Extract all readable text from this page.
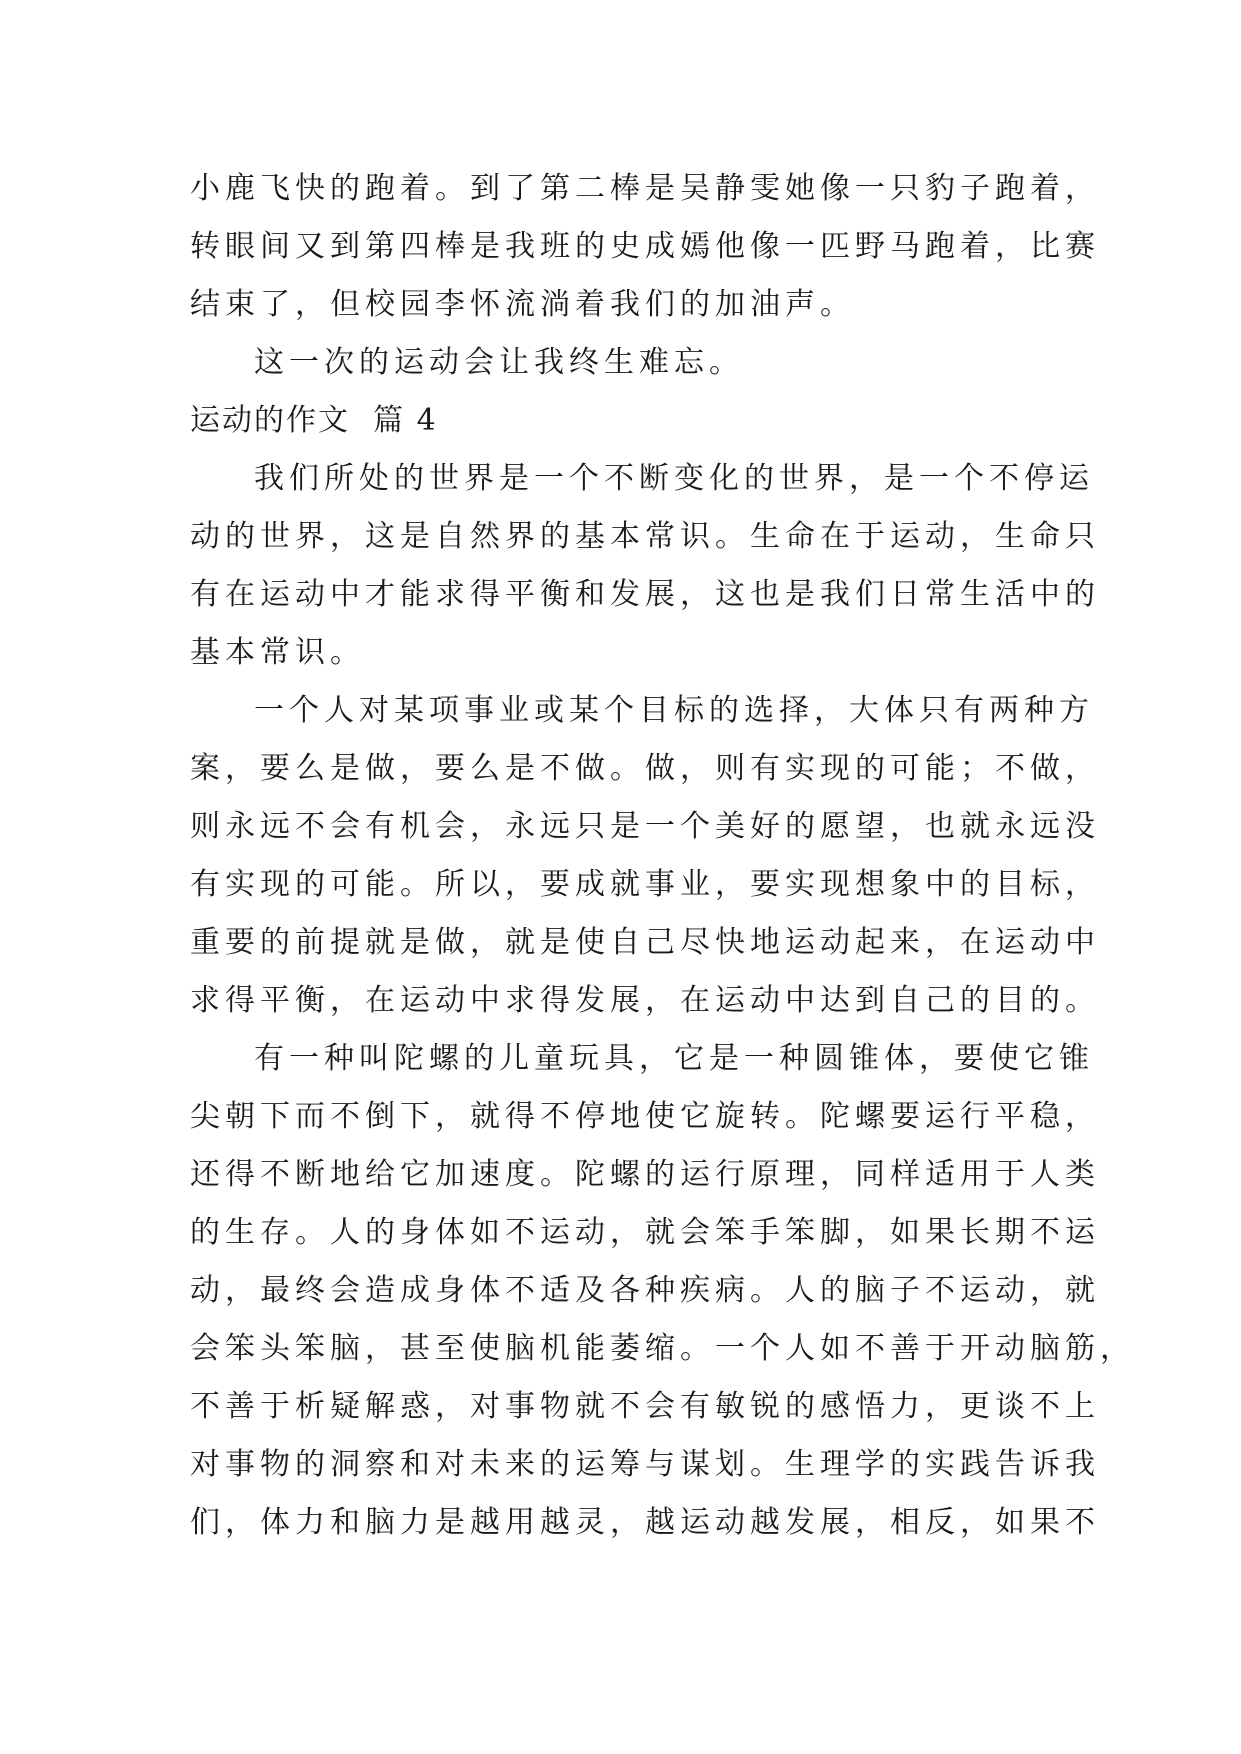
小鹿飞快的跑着。到了第二棒是吴静雯她像一只豹子跑着，
转眼间又到第四棒是我班的史成嫣他像一匹野马跑着，比赛
结束了，但校园李怀流淌着我们的加油声。
这一次的运动会让我终生难忘。
运动的作文  篇 4
我们所处的世界是一个不断变化的世界，是一个不停运
动的世界，这是自然界的基本常识。生命在于运动，生命只
有在运动中才能求得平衡和发展，这也是我们日常生活中的
基本常识。
一个人对某项事业或某个目标的选择，大体只有两种方
案，要么是做，要么是不做。做，则有实现的可能；不做，
则永远不会有机会，永远只是一个美好的愿望，也就永远没
有实现的可能。所以，要成就事业，要实现想象中的目标，
重要的前提就是做，就是使自己尽快地运动起来，在运动中
求得平衡，在运动中求得发展，在运动中达到自己的目的。
有一种叫陀螺的儿童玩具，它是一种圆锥体，要使它锥
尖朝下而不倒下，就得不停地使它旋转。陀螺要运行平稳，
还得不断地给它加速度。陀螺的运行原理，同样适用于人类
的生存。人的身体如不运动，就会笨手笨脚，如果长期不运
动，最终会造成身体不适及各种疾病。人的脑子不运动，就
会笨头笨脑，甚至使脑机能萎缩。一个人如不善于开动脑筋，
不善于析疑解惑，对事物就不会有敏锐的感悟力，更谈不上
对事物的洞察和对未来的运筹与谋划。生理学的实践告诉我
们，体力和脑力是越用越灵，越运动越发展，相反，如果不
